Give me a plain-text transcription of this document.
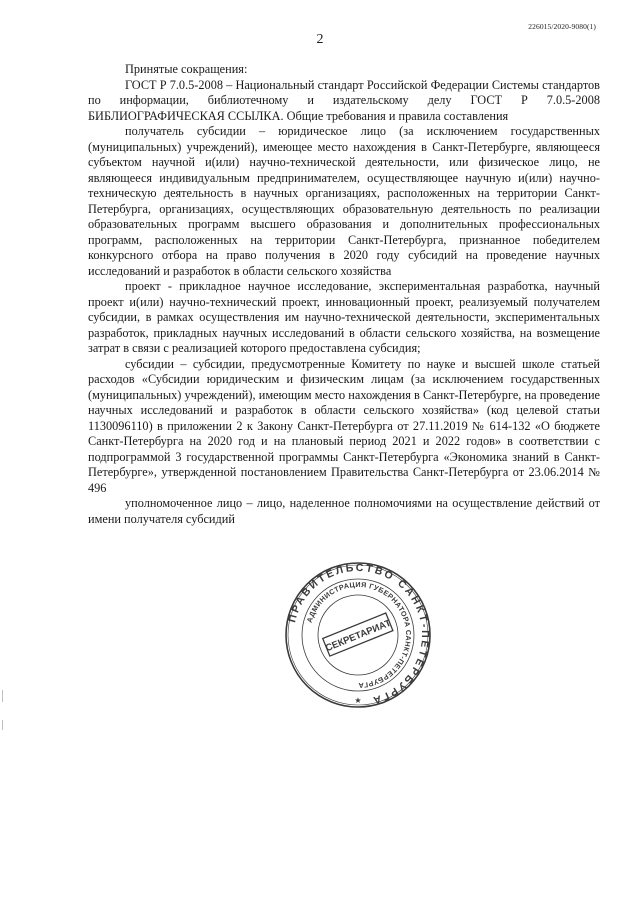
226015/2020-9080(1)
2

Принятые сокращения:

ГОСТ Р 7.0.5-2008 – Национальный стандарт Российской Федерации Системы стандартов по информации, библиотечному и издательскому делу ГОСТ Р 7.0.5-2008 БИБЛИОГРАФИЧЕСКАЯ ССЫЛКА. Общие требования и правила составления

получатель субсидии – юридическое лицо (за исключением государственных (муниципальных) учреждений), имеющее место нахождения в Санкт-Петербурге, являющееся субъектом научной и(или) научно-технической деятельности, или физическое лицо, не являющееся индивидуальным предпринимателем, осуществляющее научную и(или) научно-техническую деятельность в научных организациях, расположенных на территории Санкт-Петербурга, организациях, осуществляющих образовательную деятельность по реализации образовательных программ высшего образования и дополнительных профессиональных программ, расположенных на территории Санкт-Петербурга, признанное победителем конкурсного отбора на право получения в 2020 году субсидий на проведение научных исследований и разработок в области сельского хозяйства

проект - прикладное научное исследование, экспериментальная разработка, научный проект и(или) научно-технический проект, инновационный проект, реализуемый получателем субсидии, в рамках осуществления им научно-технической деятельности, экспериментальных разработок, прикладных научных исследований в области сельского хозяйства, на возмещение затрат в связи с реализацией которого предоставлена субсидия;

субсидии – субсидии, предусмотренные Комитету по науке и высшей школе статьей расходов «Субсидии юридическим и физическим лицам (за исключением государственных (муниципальных) учреждений), имеющим место нахождения в Санкт-Петербурге, на проведение научных исследований и разработок в области сельского хозяйства» (код целевой статьи 1130096110) в приложении 2 к Закону Санкт-Петербурга от 27.11.2019 № 614-132 «О бюджете Санкт-Петербурга на 2020 год и на плановый период 2021 и 2022 годов» в соответствии с подпрограммой 3 государственной программы Санкт-Петербурга «Экономика знаний в Санкт-Петербурге», утвержденной постановлением Правительства Санкт-Петербурга от 23.06.2014 № 496

уполномоченное лицо – лицо, наделенное полномочиями на осуществление действий от имени получателя субсидий

ПРАВИТЕЛЬСТВО САНКТ-ПЕТЕРБУРГА
АДМИНИСТРАЦИЯ ГУБЕРНАТОРА САНКТ-ПЕТЕРБУРГА
★
СЕКРЕТАРИАТ
